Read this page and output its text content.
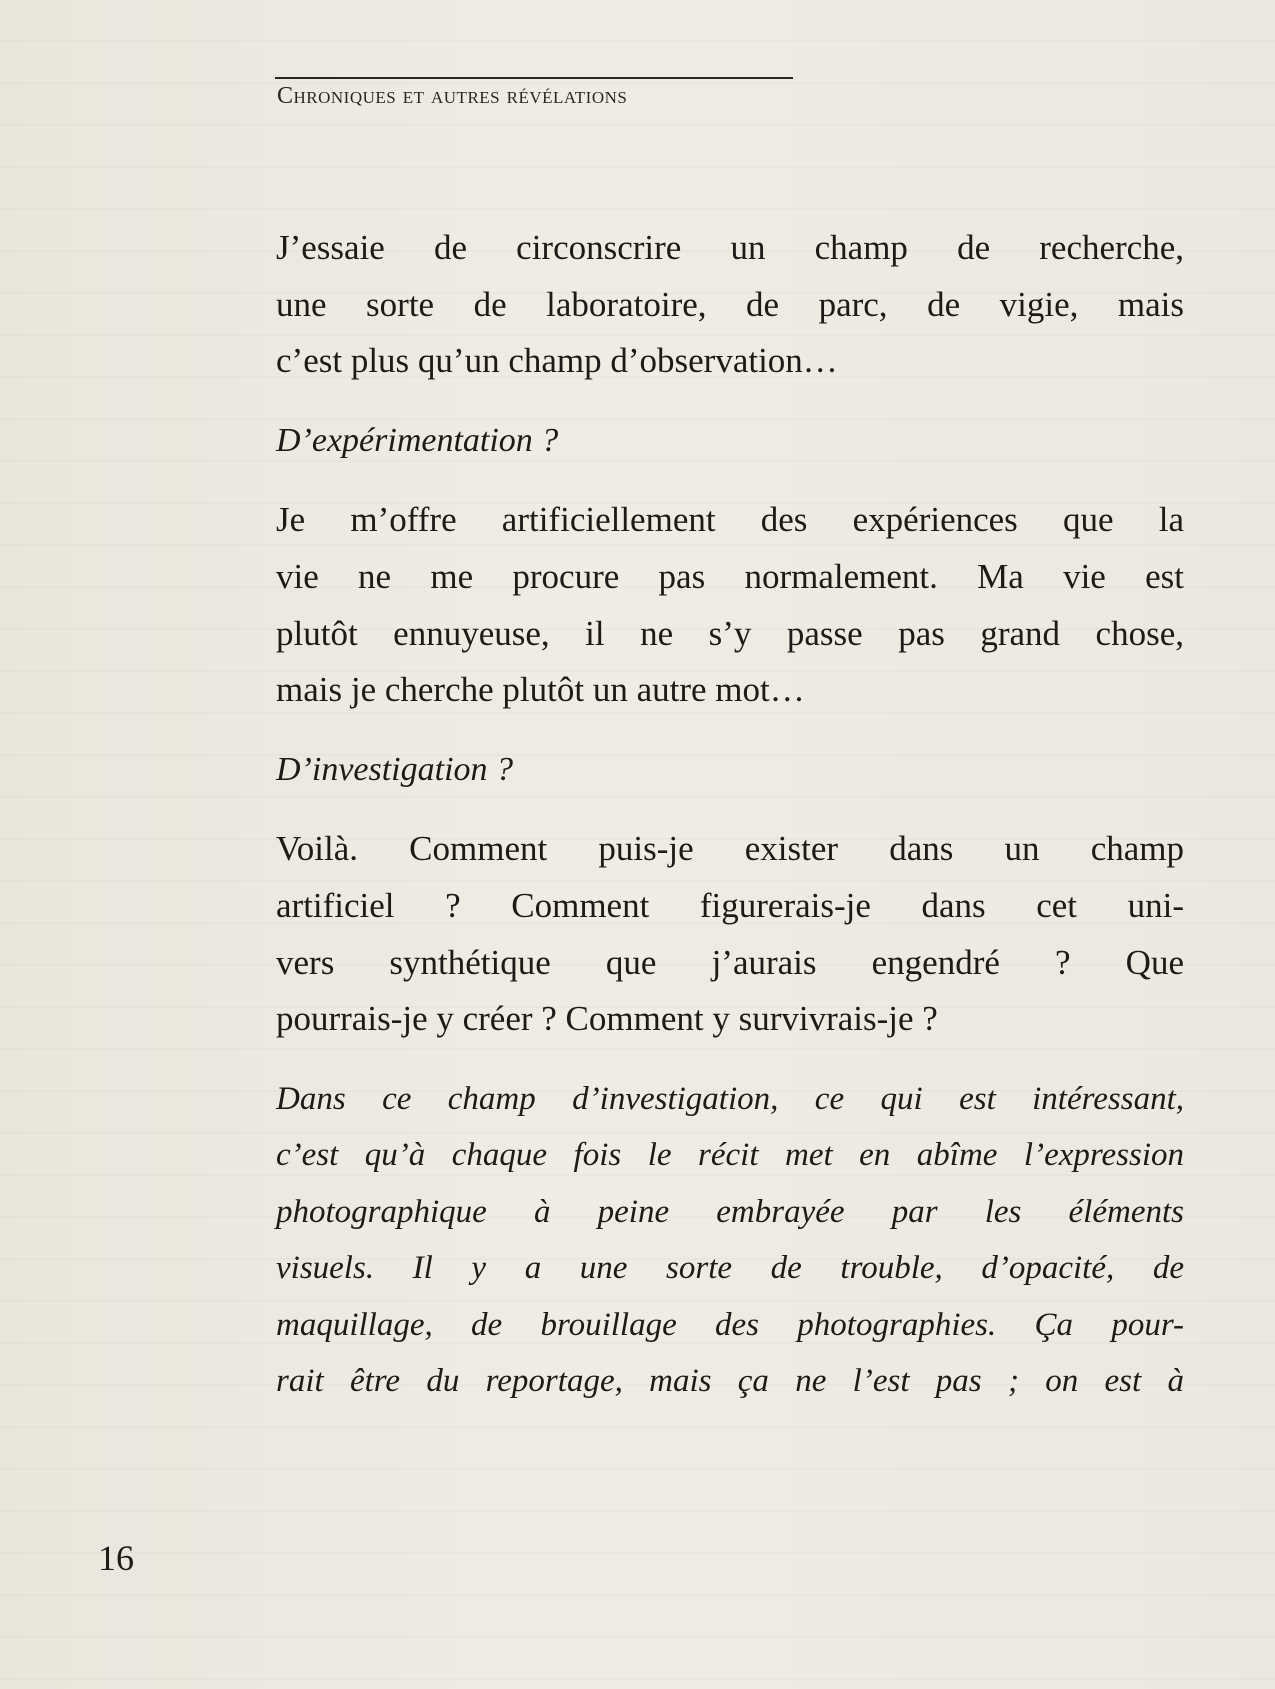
Chroniques et autres révélations

J’essaie de circonscrire un champ de recherche,
une sorte de laboratoire, de parc, de vigie, mais
c’est plus qu’un champ d’observation…

D’expérimentation ?

Je m’offre artificiellement des expériences que la
vie ne me procure pas normalement. Ma vie est
plutôt ennuyeuse, il ne s’y passe pas grand chose,
mais je cherche plutôt un autre mot…

D’investigation ?

Voilà. Comment puis-je exister dans un champ
artificiel ? Comment figurerais-je dans cet uni-
vers synthétique que j’aurais engendré ? Que
pourrais-je y créer ? Comment y survivrais-je ?

Dans ce champ d’investigation, ce qui est intéressant,
c’est qu’à chaque fois le récit met en abîme l’expression
photographique à peine embrayée par les éléments
visuels. Il y a une sorte de trouble, d’opacité, de
maquillage, de brouillage des photographies. Ça pour-
rait être du reportage, mais ça ne l’est pas ; on est à

16
